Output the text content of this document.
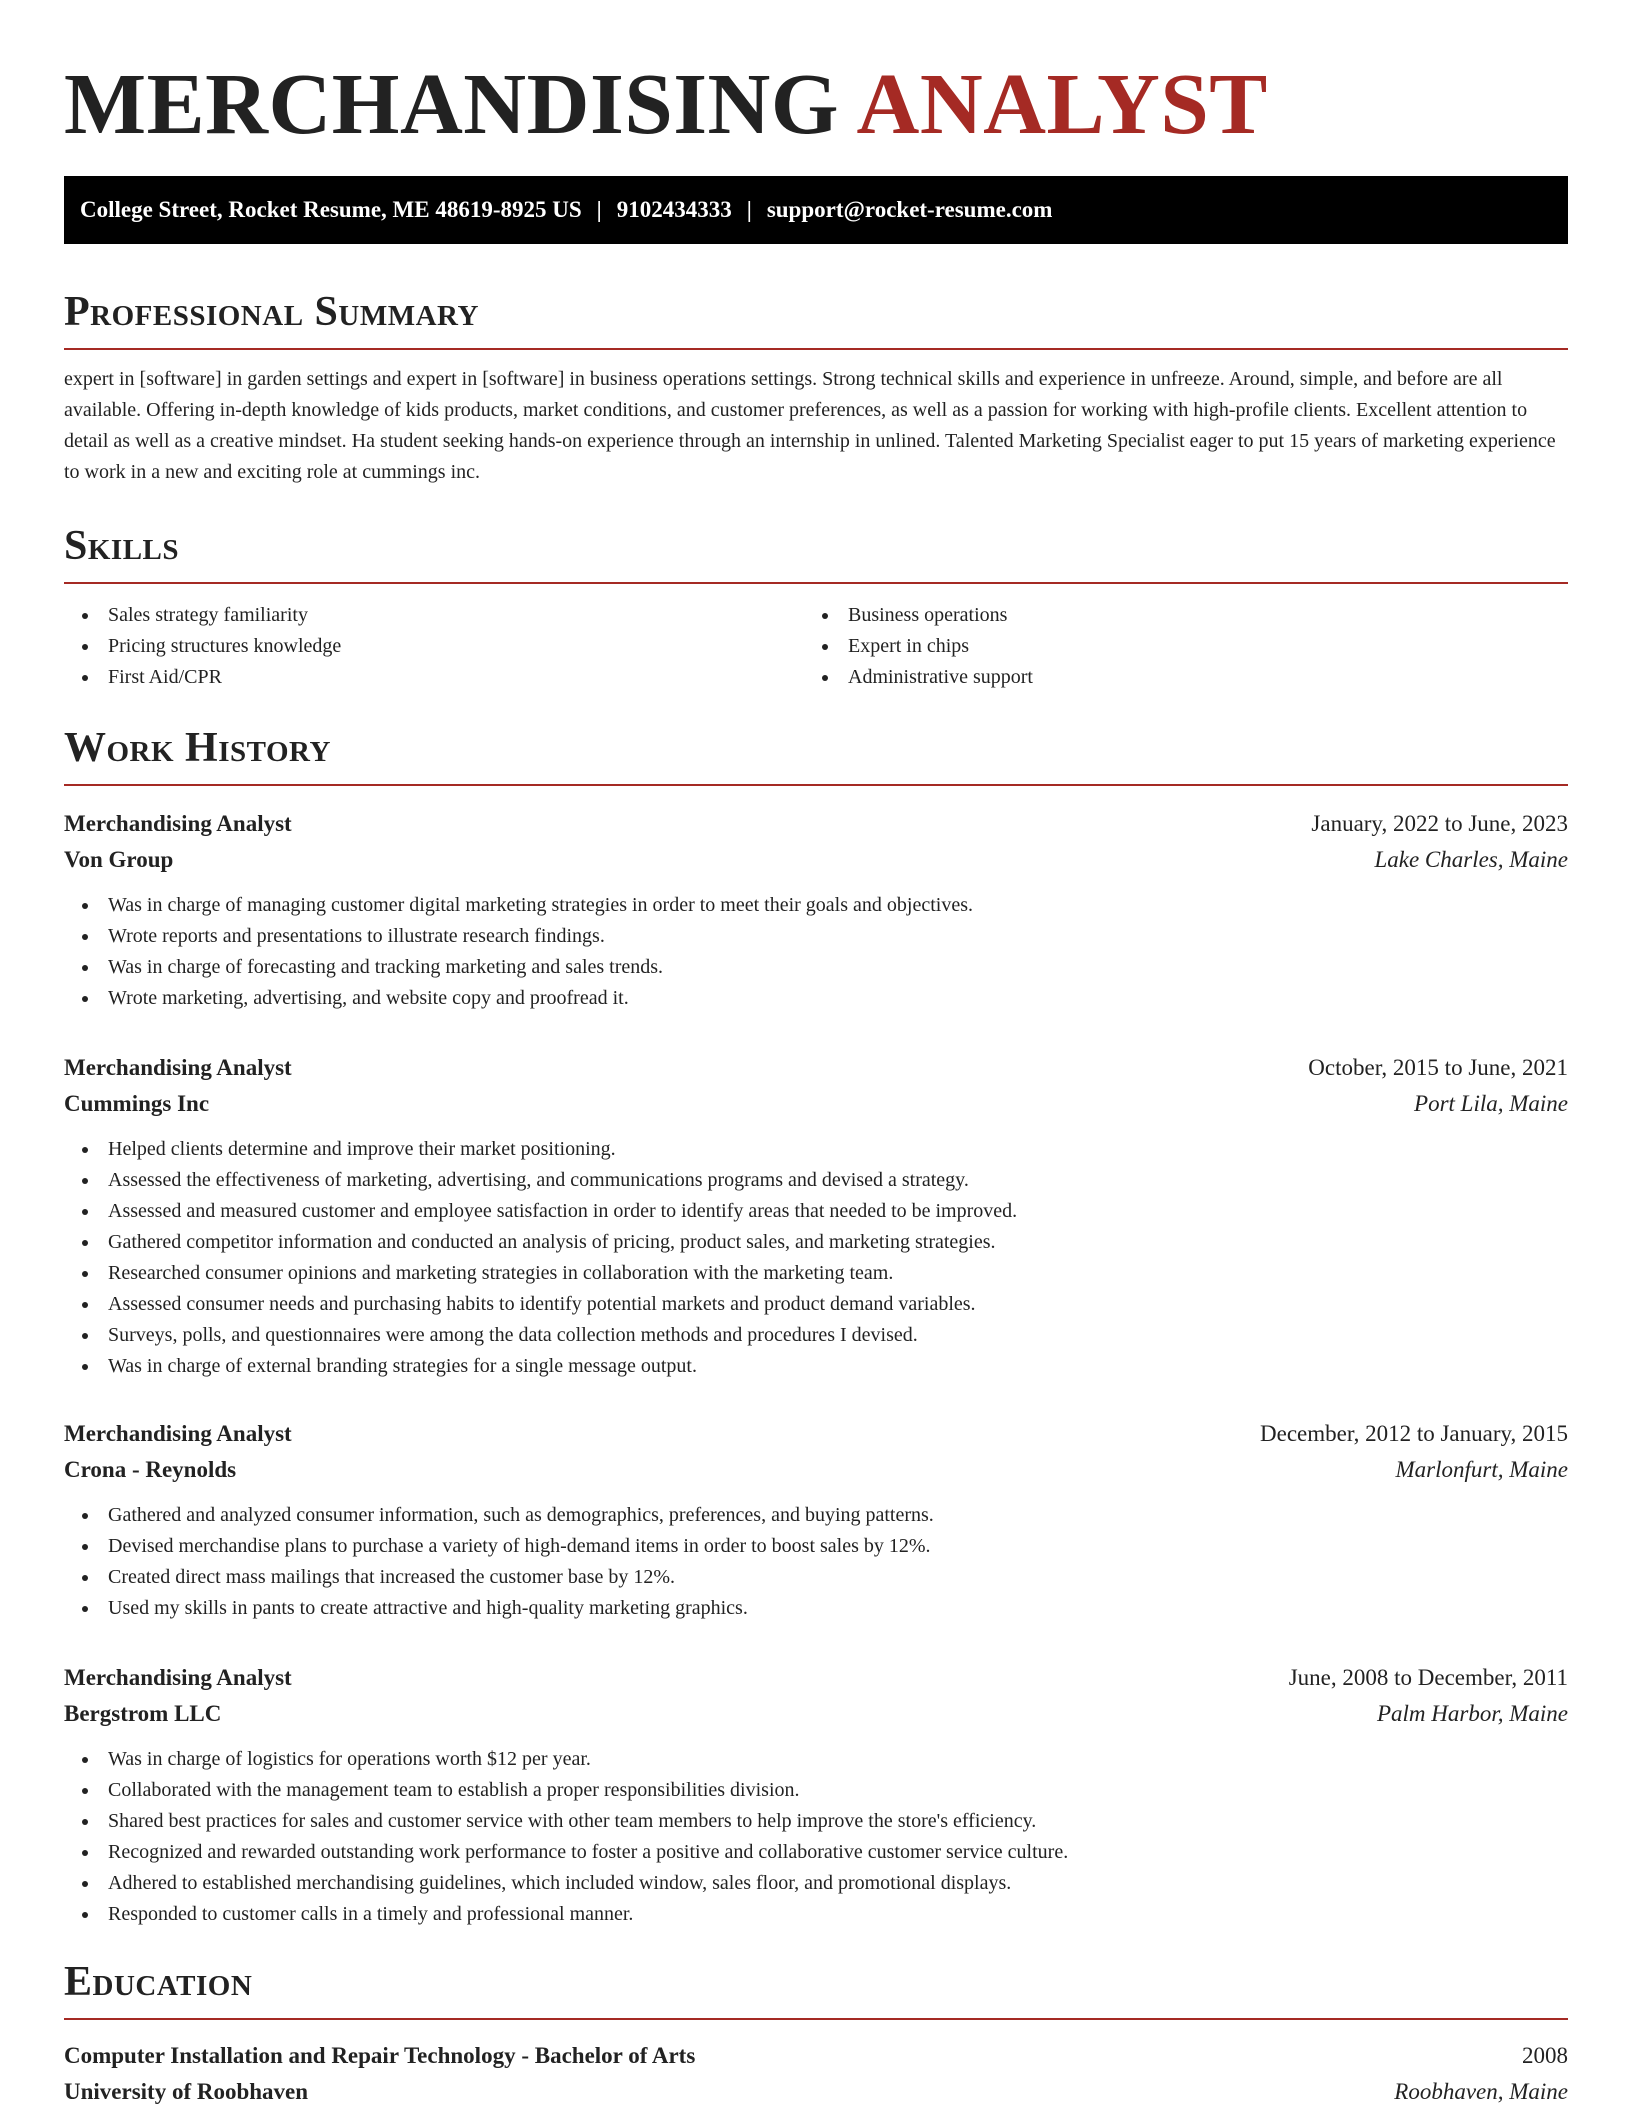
MERCHANDISING ANALYST
College Street, Rocket Resume, ME 48619-8925 US | 9102434333 | support@rocket-resume.com
Professional Summary

expert in [software] in garden settings and expert in [software] in business operations settings. Strong technical skills and experience in unfreeze. Around, simple, and before are all available. Offering in-depth knowledge of kids products, market conditions, and customer preferences, as well as a passion for working with high-profile clients. Excellent attention to detail as well as a creative mindset. Ha student seeking hands-on experience through an internship in unlined. Talented Marketing Specialist eager to put 15 years of marketing experience to work in a new and exciting role at cummings inc.

Skills
Sales strategy familiarity
Pricing structures knowledge
First Aid/CPR
Business operations
Expert in chips
Administrative support
Work History
Merchandising Analyst	January, 2022 to June, 2023
Von Group	Lake Charles, Maine
Was in charge of managing customer digital marketing strategies in order to meet their goals and objectives.
Wrote reports and presentations to illustrate research findings.
Was in charge of forecasting and tracking marketing and sales trends.
Wrote marketing, advertising, and website copy and proofread it.
Merchandising Analyst	October, 2015 to June, 2021
Cummings Inc	Port Lila, Maine
Helped clients determine and improve their market positioning.
Assessed the effectiveness of marketing, advertising, and communications programs and devised a strategy.
Assessed and measured customer and employee satisfaction in order to identify areas that needed to be improved.
Gathered competitor information and conducted an analysis of pricing, product sales, and marketing strategies.
Researched consumer opinions and marketing strategies in collaboration with the marketing team.
Assessed consumer needs and purchasing habits to identify potential markets and product demand variables.
Surveys, polls, and questionnaires were among the data collection methods and procedures I devised.
Was in charge of external branding strategies for a single message output.
Merchandising Analyst	December, 2012 to January, 2015
Crona - Reynolds	Marlonfurt, Maine
Gathered and analyzed consumer information, such as demographics, preferences, and buying patterns.
Devised merchandise plans to purchase a variety of high-demand items in order to boost sales by 12%.
Created direct mass mailings that increased the customer base by 12%.
Used my skills in pants to create attractive and high-quality marketing graphics.
Merchandising Analyst	June, 2008 to December, 2011
Bergstrom LLC	Palm Harbor, Maine
Was in charge of logistics for operations worth $12 per year.
Collaborated with the management team to establish a proper responsibilities division.
Shared best practices for sales and customer service with other team members to help improve the store's efficiency.
Recognized and rewarded outstanding work performance to foster a positive and collaborative customer service culture.
Adhered to established merchandising guidelines, which included window, sales floor, and promotional displays.
Responded to customer calls in a timely and professional manner.
Education
Computer Installation and Repair Technology - Bachelor of Arts	2008
University of Roobhaven	Roobhaven, Maine
